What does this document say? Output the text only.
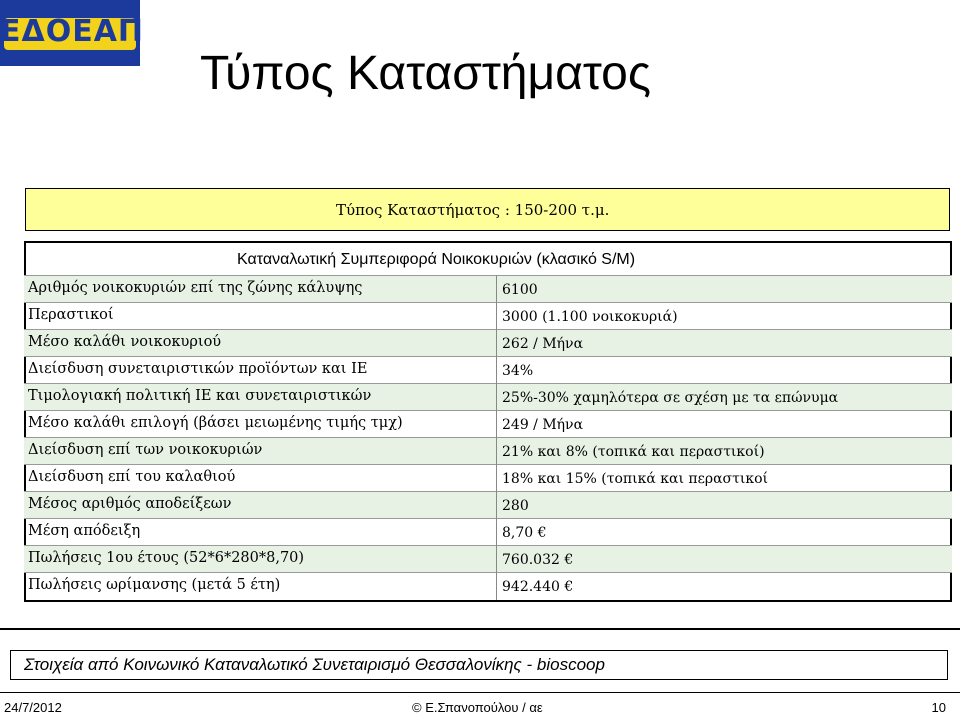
ΕΔΟΕΑΠ
Τύπος Καταστήματος
Τύπος Καταστήματος : 150-200 τ.μ.
Καταναλωτική Συμπεριφορά Νοικοκυριών (κλασικό S/M)
Αριθμός νοικοκυριών επί της ζώνης κάλυψης	6100
Περαστικοί	3000 (1.100 νοικοκυριά)
Μέσο καλάθι νοικοκυριού	262 / Μήνα
Διείσδυση συνεταιριστικών προϊόντων και ΙΕ	34%
Τιμολογιακή πολιτική ΙΕ και συνεταιριστικών	25%-30% χαμηλότερα σε σχέση με τα επώνυμα
Μέσο καλάθι επιλογή (βάσει μειωμένης τιμής τμχ)	249 / Μήνα
Διείσδυση επί των νοικοκυριών	21% και 8% (τοπικά και περαστικοί)
Διείσδυση επί του καλαθιού	18% και 15% (τοπικά και περαστικοί
Μέσος αριθμός αποδείξεων	280
Μέση απόδειξη	8,70 €
Πωλήσεις 1ου έτους (52*6*280*8,70)	760.032 €
Πωλήσεις ωρίμανσης (μετά 5 έτη)	942.440 €
Στοιχεία από Κοινωνικό Καταναλωτικό Συνεταιρισμό Θεσσαλονίκης - bioscoop
24/7/2012	© Ε.Σπανοπούλου / αε	10
